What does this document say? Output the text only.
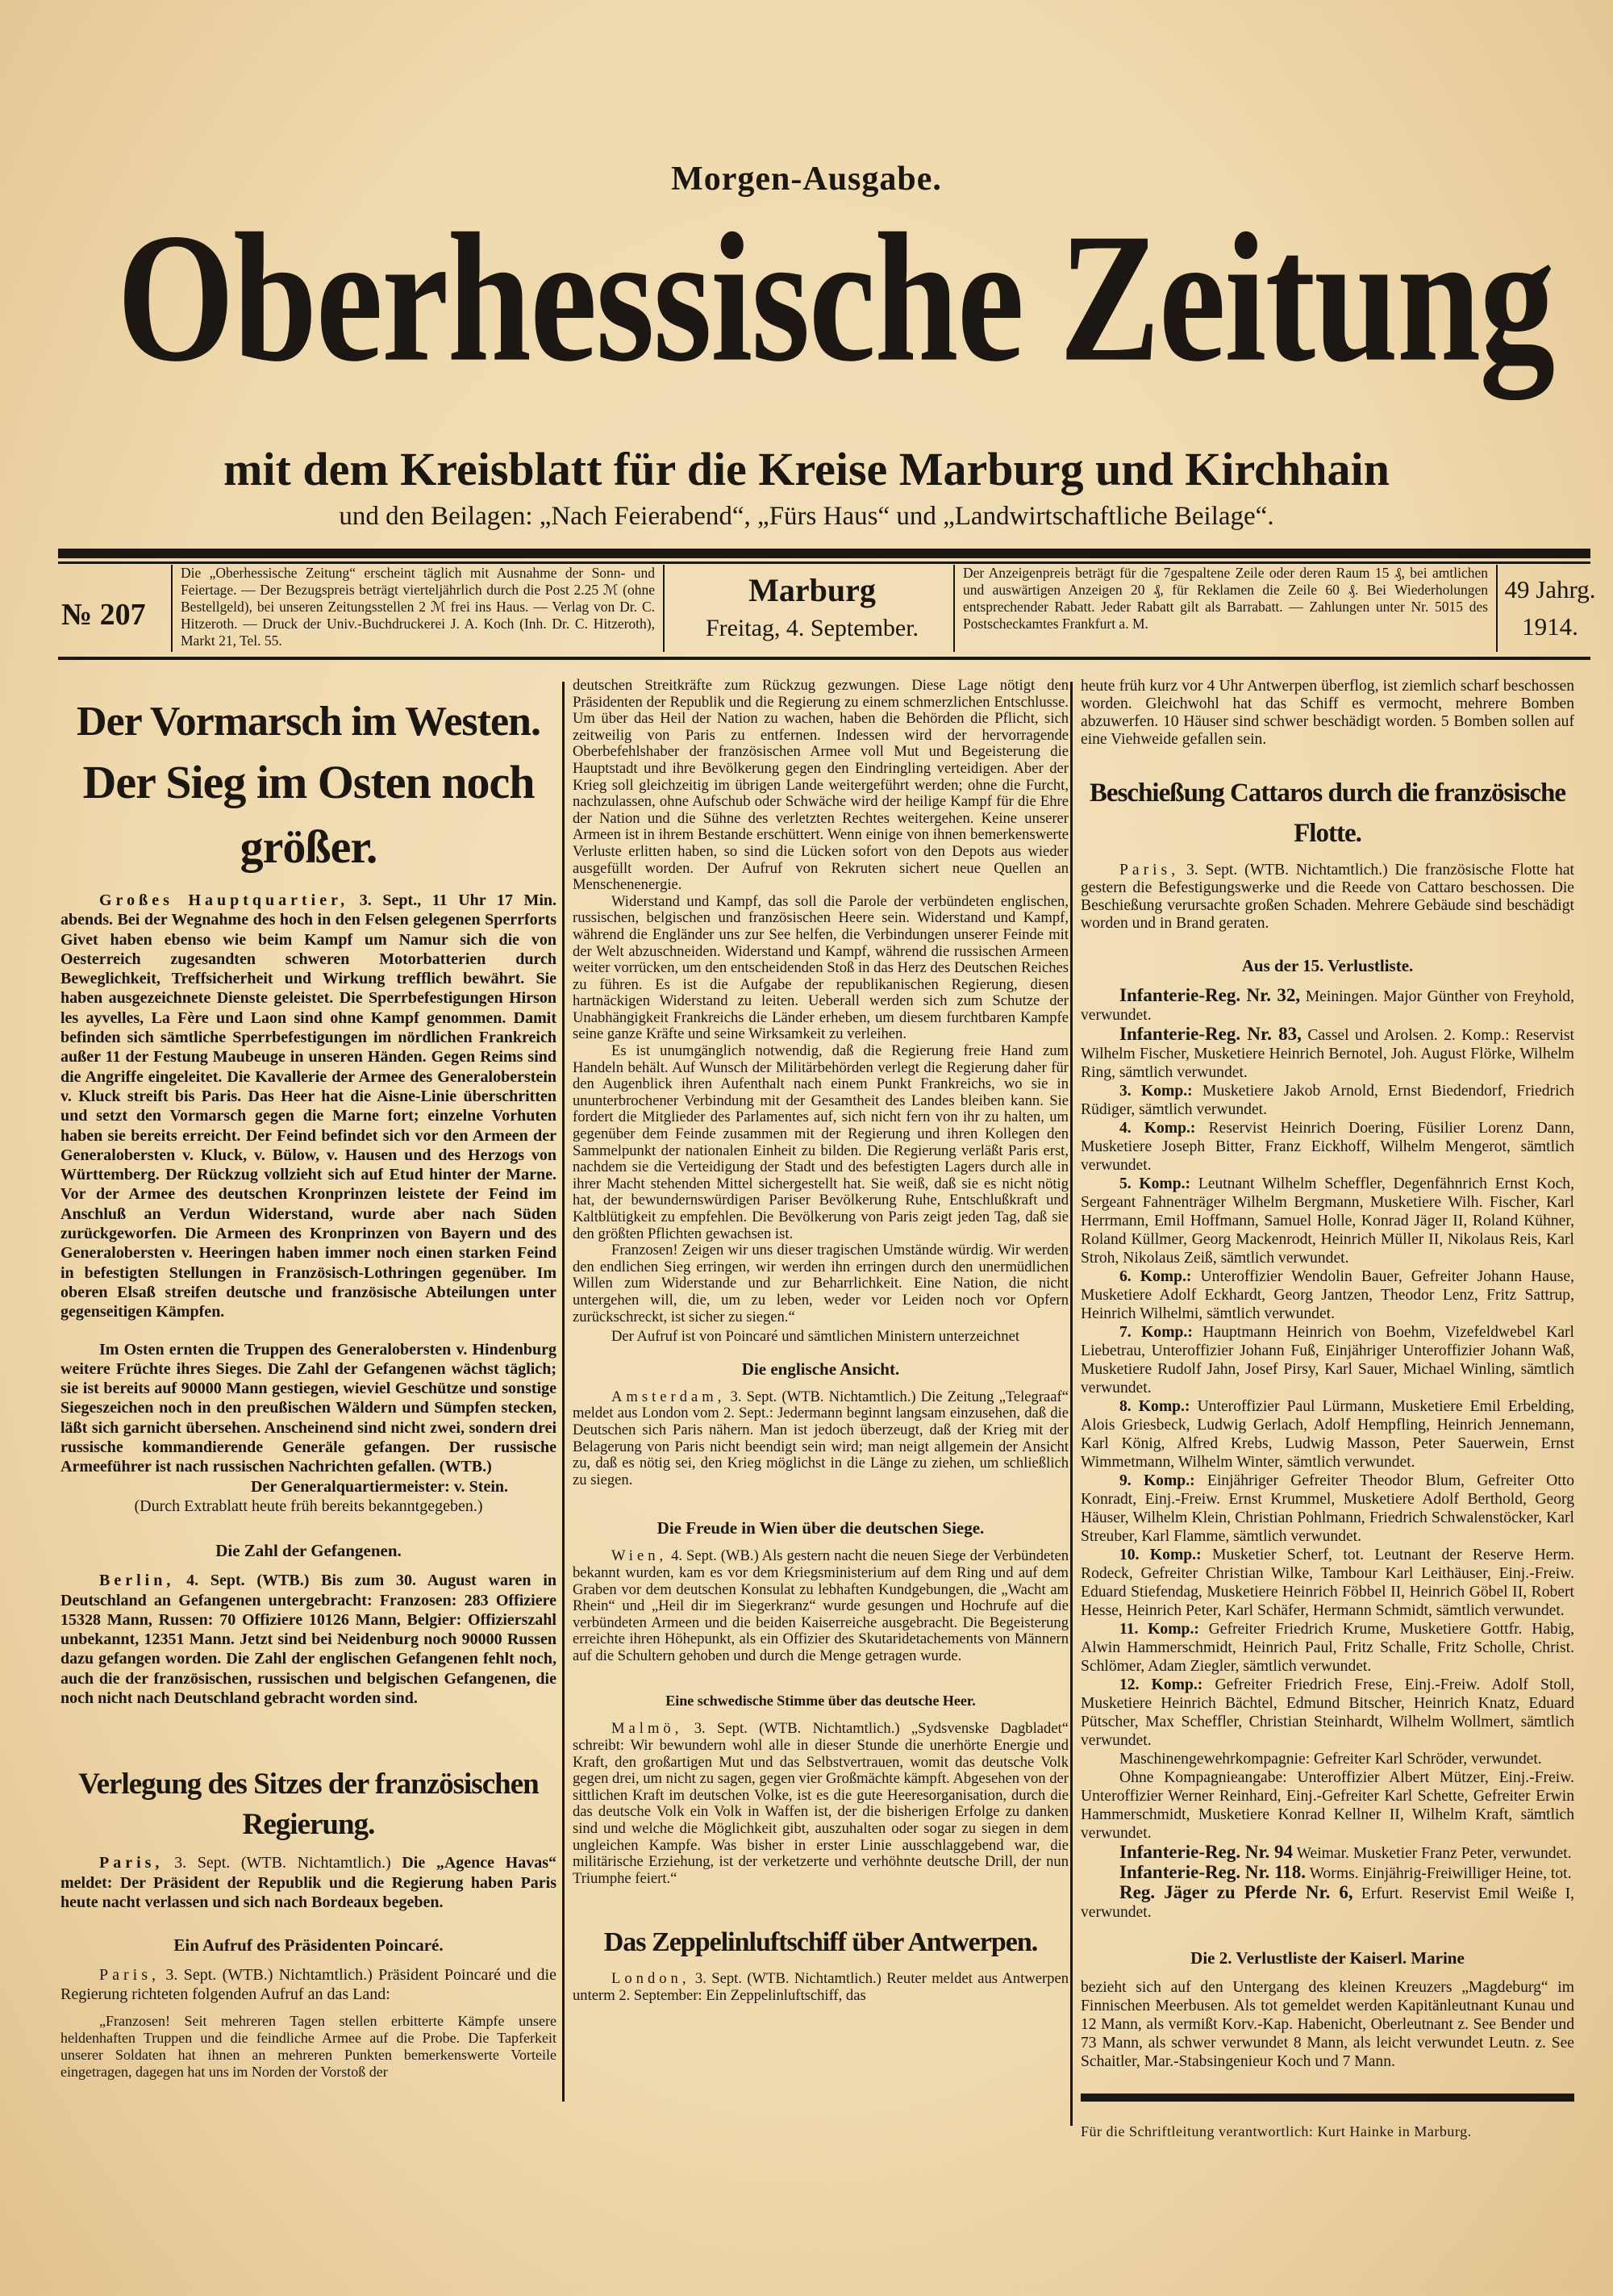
Morgen-Ausgabe.
Oberhessische Zeitung
mit dem Kreisblatt für die Kreise Marburg und Kirchhain
und den Beilagen: „Nach Feierabend“, „Fürs Haus“ und „Landwirtschaftliche Beilage“.
№ 207
Die „Oberhessische Zeitung“ erscheint täglich mit Ausnahme der Sonn- und Feiertage. — Der Bezugspreis beträgt vierteljährlich durch die Post 2.25 ℳ (ohne Bestellgeld), bei unseren Zeitungsstellen 2 ℳ frei ins Haus. — Verlag von Dr. C. Hitzeroth. — Druck der Univ.-Buchdruckerei J. A. Koch (Inh. Dr. C. Hitzeroth), Markt 21, Tel. 55.
Marburg
Freitag, 4. September.
Der Anzeigenpreis beträgt für die 7gespaltene Zeile oder deren Raum 15 ₰, bei amtlichen und auswärtigen Anzeigen 20 ₰, für Reklamen die Zeile 60 ₰. Bei Wiederholungen entsprechender Rabatt. Jeder Rabatt gilt als Barrabatt. — Zahlungen unter Nr. 5015 des Postscheckamtes Frankfurt a. M.
49 Jahrg.
1914.
Der Vormarsch im Westen.
Der Sieg im Osten noch größer.

Großes Hauptquartier, 3. Sept., 11 Uhr 17 Min. abends. Bei der Wegnahme des hoch in den Felsen gelegenen Sperrforts Givet haben ebenso wie beim Kampf um Namur sich die von Oesterreich zugesandten schweren Motorbatterien durch Beweglichkeit, Treffsicherheit und Wirkung trefflich bewährt. Sie haben ausgezeichnete Dienste geleistet. Die Sperrbefestigungen Hirson les ayvelles, La Fère und Laon sind ohne Kampf genommen. Damit befinden sich sämtliche Sperrbefestigungen im nördlichen Frankreich außer 11 der Festung Maubeuge in unseren Händen. Gegen Reims sind die Angriffe eingeleitet. Die Kavallerie der Armee des Generaloberstein v. Kluck streift bis Paris. Das Heer hat die Aisne-Linie überschritten und setzt den Vormarsch gegen die Marne fort; einzelne Vorhuten haben sie bereits erreicht. Der Feind befindet sich vor den Armeen der Generalobersten v. Kluck, v. Bülow, v. Hausen und des Herzogs von Württemberg. Der Rückzug vollzieht sich auf Etud hinter der Marne. Vor der Armee des deutschen Kronprinzen leistete der Feind im Anschluß an Verdun Widerstand, wurde aber nach Süden zurückgeworfen. Die Armeen des Kronprinzen von Bayern und des Generalobersten v. Heeringen haben immer noch einen starken Feind in befestigten Stellungen in Französisch-Lothringen gegenüber. Im oberen Elsaß streifen deutsche und französische Abteilungen unter gegenseitigen Kämpfen.

Im Osten ernten die Truppen des Generalobersten v. Hindenburg weitere Früchte ihres Sieges. Die Zahl der Gefangenen wächst täglich; sie ist bereits auf 90000 Mann gestiegen, wieviel Geschütze und sonstige Siegeszeichen noch in den preußischen Wäldern und Sümpfen stecken, läßt sich garnicht übersehen. Anscheinend sind nicht zwei, sondern drei russische kommandierende Generäle gefangen. Der russische Armeeführer ist nach russischen Nachrichten gefallen. (WTB.)

Der Generalquartiermeister: v. Stein.

(Durch Extrablatt heute früh bereits bekanntgegeben.)

Die Zahl der Gefangenen.

Berlin, 4. Sept. (WTB.) Bis zum 30. August waren in Deutschland an Gefangenen untergebracht: Franzosen: 283 Offiziere 15328 Mann, Russen: 70 Offiziere 10126 Mann, Belgier: Offizierszahl unbekannt, 12351 Mann. Jetzt sind bei Neidenburg noch 90000 Russen dazu gefangen worden. Die Zahl der englischen Gefangenen fehlt noch, auch die der französischen, russischen und belgischen Gefangenen, die noch nicht nach Deutschland gebracht worden sind.

Verlegung des Sitzes der französischen Regierung.

Paris, 3. Sept. (WTB. Nichtamtlich.) Die „Agence Havas“ meldet: Der Präsident der Republik und die Regierung haben Paris heute nacht verlassen und sich nach Bordeaux begeben.

Ein Aufruf des Präsidenten Poincaré.

Paris, 3. Sept. (WTB.) Nichtamtlich.) Präsident Poincaré und die Regierung richteten folgenden Aufruf an das Land:

„Franzosen! Seit mehreren Tagen stellen erbitterte Kämpfe unsere heldenhaften Truppen und die feindliche Armee auf die Probe. Die Tapferkeit unserer Soldaten hat ihnen an mehreren Punkten bemerkenswerte Vorteile eingetragen, dagegen hat uns im Norden der Vorstoß der

deutschen Streitkräfte zum Rückzug gezwungen. Diese Lage nötigt den Präsidenten der Republik und die Regierung zu einem schmerzlichen Entschlusse. Um über das Heil der Nation zu wachen, haben die Behörden die Pflicht, sich zeitweilig von Paris zu entfernen. Indessen wird der hervorragende Oberbefehlshaber der französischen Armee voll Mut und Begeisterung die Hauptstadt und ihre Bevölkerung gegen den Eindringling verteidigen. Aber der Krieg soll gleichzeitig im übrigen Lande weitergeführt werden; ohne die Furcht, nachzulassen, ohne Aufschub oder Schwäche wird der heilige Kampf für die Ehre der Nation und die Sühne des verletzten Rechtes weitergehen. Keine unserer Armeen ist in ihrem Bestande erschüttert. Wenn einige von ihnen bemerkenswerte Verluste erlitten haben, so sind die Lücken sofort von den Depots aus wieder ausgefüllt worden. Der Aufruf von Rekruten sichert neue Quellen an Menschenenergie.

Widerstand und Kampf, das soll die Parole der verbündeten englischen, russischen, belgischen und französischen Heere sein. Widerstand und Kampf, während die Engländer uns zur See helfen, die Verbindungen unserer Feinde mit der Welt abzuschneiden. Widerstand und Kampf, während die russischen Armeen weiter vorrücken, um den entscheidenden Stoß in das Herz des Deutschen Reiches zu führen. Es ist die Aufgabe der republikanischen Regierung, diesen hartnäckigen Widerstand zu leiten. Ueberall werden sich zum Schutze der Unabhängigkeit Frankreichs die Länder erheben, um diesem furchtbaren Kampfe seine ganze Kräfte und seine Wirksamkeit zu verleihen.

Es ist unumgänglich notwendig, daß die Regierung freie Hand zum Handeln behält. Auf Wunsch der Militärbehörden verlegt die Regierung daher für den Augenblick ihren Aufenthalt nach einem Punkt Frankreichs, wo sie in ununterbrochener Verbindung mit der Gesamtheit des Landes bleiben kann. Sie fordert die Mitglieder des Parlamentes auf, sich nicht fern von ihr zu halten, um gegenüber dem Feinde zusammen mit der Regierung und ihren Kollegen den Sammelpunkt der nationalen Einheit zu bilden. Die Regierung verläßt Paris erst, nachdem sie die Verteidigung der Stadt und des befestigten Lagers durch alle in ihrer Macht stehenden Mittel sichergestellt hat. Sie weiß, daß sie es nicht nötig hat, der bewundernswürdigen Pariser Bevölkerung Ruhe, Entschlußkraft und Kaltblütigkeit zu empfehlen. Die Bevölkerung von Paris zeigt jeden Tag, daß sie den größten Pflichten gewachsen ist.

Franzosen! Zeigen wir uns dieser tragischen Umstände würdig. Wir werden den endlichen Sieg erringen, wir werden ihn erringen durch den unermüdlichen Willen zum Widerstande und zur Beharrlichkeit. Eine Nation, die nicht untergehen will, die, um zu leben, weder vor Leiden noch vor Opfern zurückschreckt, ist sicher zu siegen.“

Der Aufruf ist von Poincaré und sämtlichen Ministern unterzeichnet

Die englische Ansicht.

Amsterdam, 3. Sept. (WTB. Nichtamtlich.) Die Zeitung „Telegraaf“ meldet aus London vom 2. Sept.: Jedermann beginnt langsam einzusehen, daß die Deutschen sich Paris nähern. Man ist jedoch überzeugt, daß der Krieg mit der Belagerung von Paris nicht beendigt sein wird; man neigt allgemein der Ansicht zu, daß es nötig sei, den Krieg möglichst in die Länge zu ziehen, um schließlich zu siegen.

Die Freude in Wien über die deutschen Siege.

Wien, 4. Sept. (WB.) Als gestern nacht die neuen Siege der Verbündeten bekannt wurden, kam es vor dem Kriegsministerium auf dem Ring und auf dem Graben vor dem deutschen Konsulat zu lebhaften Kundgebungen, die „Wacht am Rhein“ und „Heil dir im Siegerkranz“ wurde gesungen und Hochrufe auf die verbündeten Armeen und die beiden Kaiserreiche ausgebracht. Die Begeisterung erreichte ihren Höhepunkt, als ein Offizier des Skutaridetachements von Männern auf die Schultern gehoben und durch die Menge getragen wurde.

Eine schwedische Stimme über das deutsche Heer.

Malmö, 3. Sept. (WTB. Nichtamtlich.) „Sydsvenske Dagbladet“ schreibt: Wir bewundern wohl alle in dieser Stunde die unerhörte Energie und Kraft, den großartigen Mut und das Selbstvertrauen, womit das deutsche Volk gegen drei, um nicht zu sagen, gegen vier Großmächte kämpft. Abgesehen von der sittlichen Kraft im deutschen Volke, ist es die gute Heeresorganisation, durch die das deutsche Volk ein Volk in Waffen ist, der die bisherigen Erfolge zu danken sind und welche die Möglichkeit gibt, auszuhalten oder sogar zu siegen in dem ungleichen Kampfe. Was bisher in erster Linie ausschlaggebend war, die militärische Erziehung, ist der verketzerte und verhöhnte deutsche Drill, der nun Triumphe feiert.“

Das Zeppelinluftschiff über Antwerpen.

London, 3. Sept. (WTB. Nichtamtlich.) Reuter meldet aus Antwerpen unterm 2. September: Ein Zeppelinluftschiff, das

heute früh kurz vor 4 Uhr Antwerpen überflog, ist ziemlich scharf beschossen worden. Gleichwohl hat das Schiff es vermocht, mehrere Bomben abzuwerfen. 10 Häuser sind schwer beschädigt worden. 5 Bomben sollen auf eine Viehweide gefallen sein.

Beschießung Cattaros durch die französische Flotte.

Paris, 3. Sept. (WTB. Nichtamtlich.) Die französische Flotte hat gestern die Befestigungswerke und die Reede von Cattaro beschossen. Die Beschießung verursachte großen Schaden. Mehrere Gebäude sind beschädigt worden und in Brand geraten.

Aus der 15. Verlustliste.

Infanterie-Reg. Nr. 32, Meiningen. Major Günther von Freyhold, verwundet.

Infanterie-Reg. Nr. 83, Cassel und Arolsen. 2. Komp.: Reservist Wilhelm Fischer, Musketiere Heinrich Bernotel, Joh. August Flörke, Wilhelm Ring, sämtlich verwundet.

3. Komp.: Musketiere Jakob Arnold, Ernst Biedendorf, Friedrich Rüdiger, sämtlich verwundet.

4. Komp.: Reservist Heinrich Doering, Füsilier Lorenz Dann, Musketiere Joseph Bitter, Franz Eickhoff, Wilhelm Mengerot, sämtlich verwundet.

5. Komp.: Leutnant Wilhelm Scheffler, Degenfähnrich Ernst Koch, Sergeant Fahnenträger Wilhelm Bergmann, Musketiere Wilh. Fischer, Karl Herrmann, Emil Hoffmann, Samuel Holle, Konrad Jäger II, Roland Kühner, Roland Küllmer, Georg Mackenrodt, Heinrich Müller II, Nikolaus Reis, Karl Stroh, Nikolaus Zeiß, sämtlich verwundet.

6. Komp.: Unteroffizier Wendolin Bauer, Gefreiter Johann Hause, Musketiere Adolf Eckhardt, Georg Jantzen, Theodor Lenz, Fritz Sattrup, Heinrich Wilhelmi, sämtlich verwundet.

7. Komp.: Hauptmann Heinrich von Boehm, Vizefeldwebel Karl Liebetrau, Unteroffizier Johann Fuß, Einjähriger Unteroffizier Johann Waß, Musketiere Rudolf Jahn, Josef Pirsy, Karl Sauer, Michael Winling, sämtlich verwundet.

8. Komp.: Unteroffizier Paul Lürmann, Musketiere Emil Erbelding, Alois Griesbeck, Ludwig Gerlach, Adolf Hempfling, Heinrich Jennemann, Karl König, Alfred Krebs, Ludwig Masson, Peter Sauerwein, Ernst Wimmetmann, Wilhelm Winter, sämtlich verwundet.

9. Komp.: Einjähriger Gefreiter Theodor Blum, Gefreiter Otto Konradt, Einj.-Freiw. Ernst Krummel, Musketiere Adolf Berthold, Georg Häuser, Wilhelm Klein, Christian Pohlmann, Friedrich Schwalenstöcker, Karl Streuber, Karl Flamme, sämtlich verwundet.

10. Komp.: Musketier Scherf, tot. Leutnant der Reserve Herm. Rodeck, Gefreiter Christian Wilke, Tambour Karl Leithäuser, Einj.-Freiw. Eduard Stiefendag, Musketiere Heinrich Föbbel II, Heinrich Göbel II, Robert Hesse, Heinrich Peter, Karl Schäfer, Hermann Schmidt, sämtlich verwundet.

11. Komp.: Gefreiter Friedrich Krume, Musketiere Gottfr. Habig, Alwin Hammerschmidt, Heinrich Paul, Fritz Schalle, Fritz Scholle, Christ. Schlömer, Adam Ziegler, sämtlich verwundet.

12. Komp.: Gefreiter Friedrich Frese, Einj.-Freiw. Adolf Stoll, Musketiere Heinrich Bächtel, Edmund Bitscher, Heinrich Knatz, Eduard Pütscher, Max Scheffler, Christian Steinhardt, Wilhelm Wollmert, sämtlich verwundet.

Maschinengewehrkompagnie: Gefreiter Karl Schröder, verwundet.

Ohne Kompagnieangabe: Unteroffizier Albert Mützer, Einj.-Freiw. Unteroffizier Werner Reinhard, Einj.-Gefreiter Karl Schette, Gefreiter Erwin Hammerschmidt, Musketiere Konrad Kellner II, Wilhelm Kraft, sämtlich verwundet.

Infanterie-Reg. Nr. 94 Weimar. Musketier Franz Peter, verwundet.

Infanterie-Reg. Nr. 118. Worms. Einjährig-Freiwilliger Heine, tot.

Reg. Jäger zu Pferde Nr. 6, Erfurt. Reservist Emil Weiße I, verwundet.

Die 2. Verlustliste der Kaiserl. Marine

bezieht sich auf den Untergang des kleinen Kreuzers „Magdeburg“ im Finnischen Meerbusen. Als tot gemeldet werden Kapitänleutnant Kunau und 12 Mann, als vermißt Korv.-Kap. Habenicht, Oberleutnant z. See Bender und 73 Mann, als schwer verwundet 8 Mann, als leicht verwundet Leutn. z. See Schaitler, Mar.-Stabsingenieur Koch und 7 Mann.

Für die Schriftleitung verantwortlich: Kurt Hainke in Marburg.
